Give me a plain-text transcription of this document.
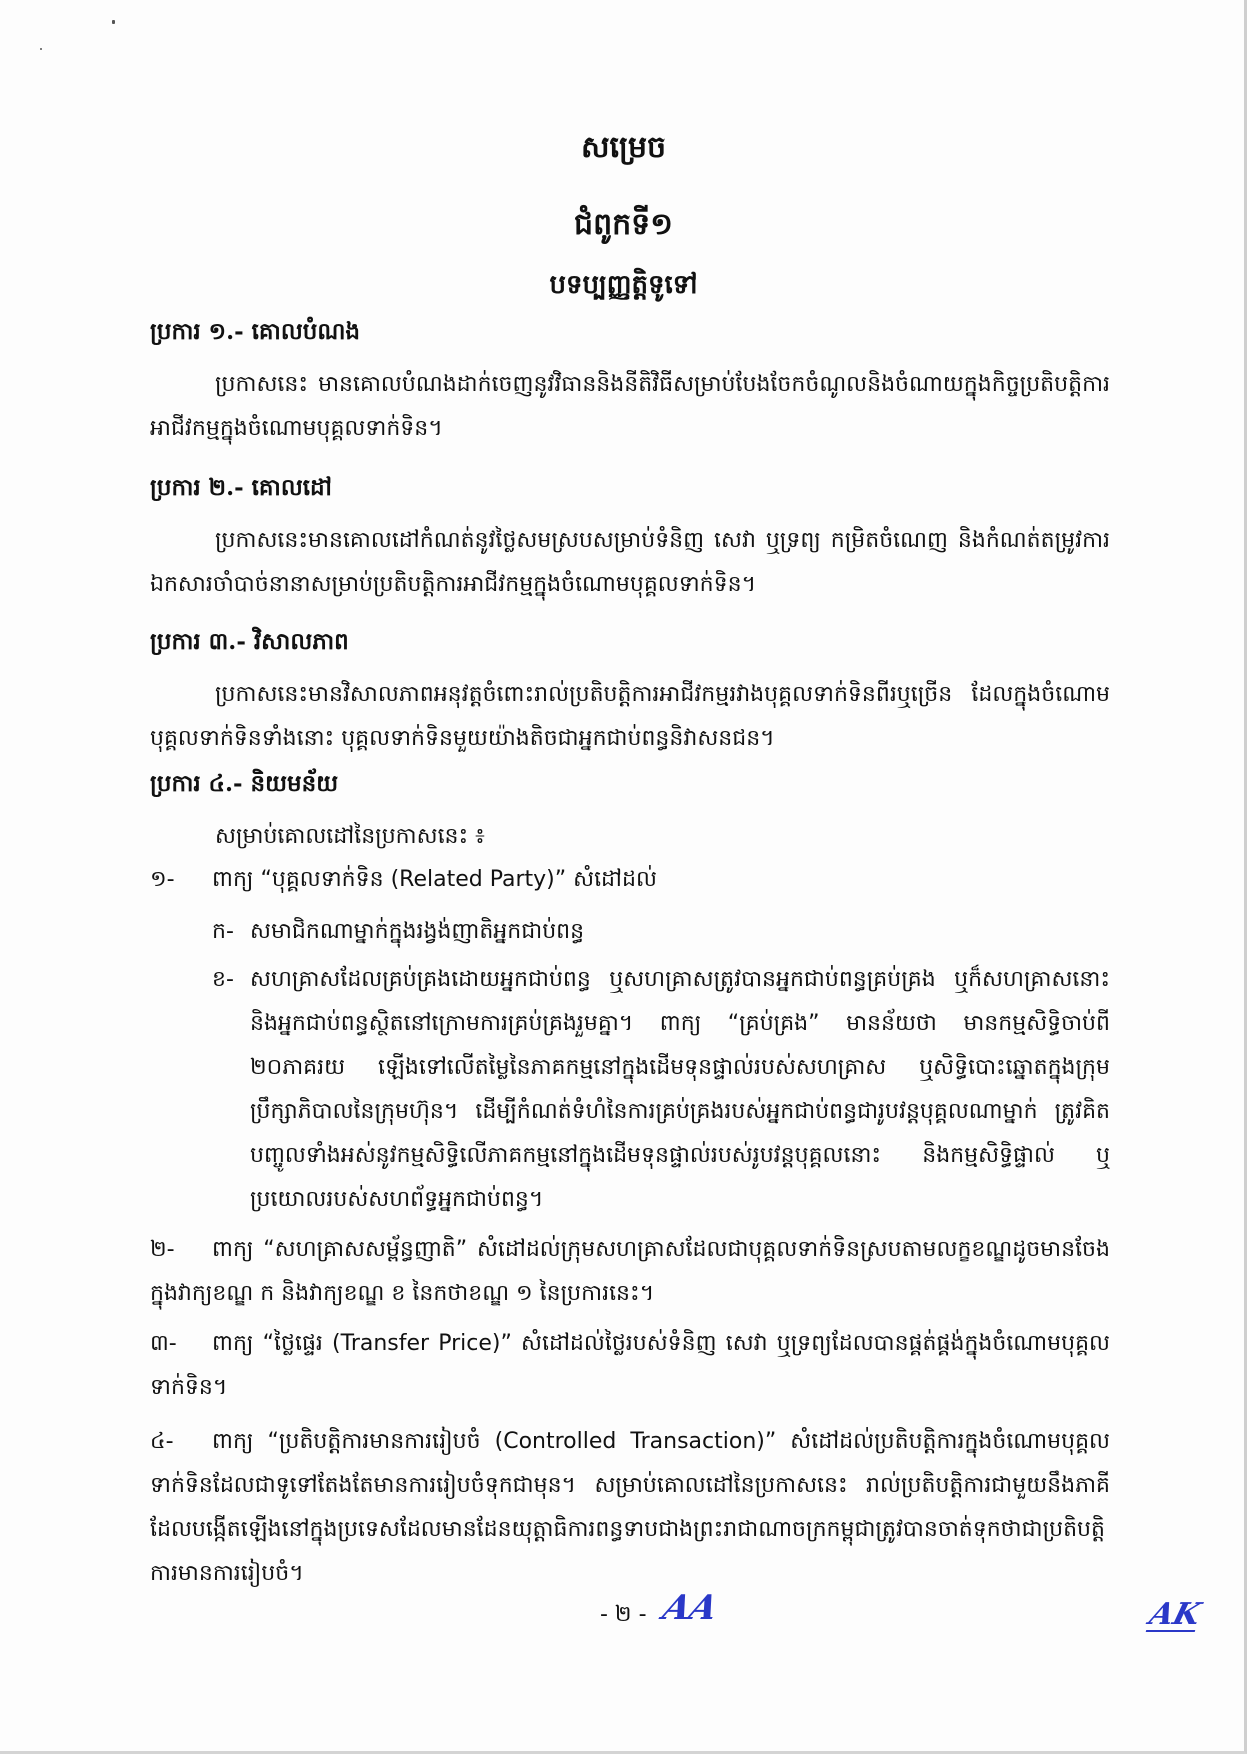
សម្រេច
ជំពូកទី១
បទប្បញ្ញត្តិទូទៅ
ប្រការ ១.- គោលបំណង
ប្រកាសនេះ មានគោលបំណងដាក់ចេញនូវវិធាននិងនីតិវិធីសម្រាប់បែងចែកចំណូលនិងចំណាយក្នុងកិច្ចប្រតិបត្តិការអាជីវកម្មក្នុងចំណោមបុគ្គលទាក់ទិន។
ប្រការ ២.- គោលដៅ
ប្រកាសនេះមានគោលដៅកំណត់នូវថ្លៃសមស្របសម្រាប់ទំនិញ សេវា ឬទ្រព្យ កម្រិតចំណេញ និងកំណត់តម្រូវការឯកសារចាំបាច់នានាសម្រាប់ប្រតិបត្តិការអាជីវកម្មក្នុងចំណោមបុគ្គលទាក់ទិន។
ប្រការ ៣.- វិសាលភាព
ប្រកាសនេះមានវិសាលភាពអនុវត្តចំពោះរាល់ប្រតិបត្តិការអាជីវកម្មរវាងបុគ្គលទាក់ទិនពីរឬច្រើន ដែលក្នុងចំណោមបុគ្គលទាក់ទិនទាំងនោះ បុគ្គលទាក់ទិនមួយយ៉ាងតិចជាអ្នកជាប់ពន្ធនិវាសនជន។
ប្រការ ៤.- និយមន័យ
សម្រាប់គោលដៅនៃប្រកាសនេះ ៖
១- ពាក្យ “បុគ្គលទាក់ទិន (Related Party)” សំដៅដល់
ក- សមាជិកណាម្នាក់ក្នុងរង្វង់ញាតិអ្នកជាប់ពន្ធ
ខ- សហគ្រាសដែលគ្រប់គ្រងដោយអ្នកជាប់ពន្ធ ឬសហគ្រាសត្រូវបានអ្នកជាប់ពន្ធគ្រប់គ្រង ឬក៏សហគ្រាសនោះនិងអ្នកជាប់ពន្ធស្ថិតនៅក្រោមការគ្រប់គ្រងរួមគ្នា។ ពាក្យ “គ្រប់គ្រង” មានន័យថា មានកម្មសិទ្ធិចាប់ពី ២០ភាគរយ ឡើងទៅលើតម្លៃនៃភាគកម្មនៅក្នុងដើមទុនផ្ទាល់របស់សហគ្រាស ឬសិទ្ធិបោះឆ្នោតក្នុងក្រុមប្រឹក្សាភិបាលនៃក្រុមហ៊ុន។ ដើម្បីកំណត់ទំហំនៃការគ្រប់គ្រងរបស់អ្នកជាប់ពន្ធជារូបវន្តបុគ្គលណាម្នាក់ ត្រូវគិតបញ្ចូលទាំងអស់នូវកម្មសិទ្ធិលើភាគកម្មនៅក្នុងដើមទុនផ្ទាល់របស់រូបវន្តបុគ្គលនោះ និងកម្មសិទ្ធិផ្ទាល់ ឬប្រយោលរបស់សហព័ទ្ធអ្នកជាប់ពន្ធ។
២-	ពាក្យ “សហគ្រាសសម្ព័ន្ធញាតិ” សំដៅដល់ក្រុមសហគ្រាសដែលជាបុគ្គលទាក់ទិនស្របតាមលក្ខខណ្ឌដូចមានចែងក្នុងវាក្យខណ្ឌ ក និងវាក្យខណ្ឌ ខ នៃកថាខណ្ឌ ១ នៃប្រការនេះ។
៣-	ពាក្យ “ថ្លៃផ្ទេរ (Transfer Price)” សំដៅដល់ថ្លៃរបស់ទំនិញ សេវា ឬទ្រព្យដែលបានផ្គត់ផ្គង់ក្នុងចំណោមបុគ្គលទាក់ទិន។
៤-	ពាក្យ “ប្រតិបត្តិការមានការរៀបចំ (Controlled Transaction)” សំដៅដល់ប្រតិបត្តិការក្នុងចំណោមបុគ្គលទាក់ទិនដែលជាទូទៅតែងតែមានការរៀបចំទុកជាមុន។ សម្រាប់គោលដៅនៃប្រកាសនេះ រាល់ប្រតិបត្តិការជាមួយនឹងភាគីដែលបង្កើតឡើងនៅក្នុងប្រទេសដែលមានដែនយុត្តាធិការពន្ធទាបជាងព្រះរាជាណាចក្រកម្ពុជាត្រូវបានចាត់ទុកថាជាប្រតិបត្តិការមានការរៀបចំ។
- ២ - AA	AK
